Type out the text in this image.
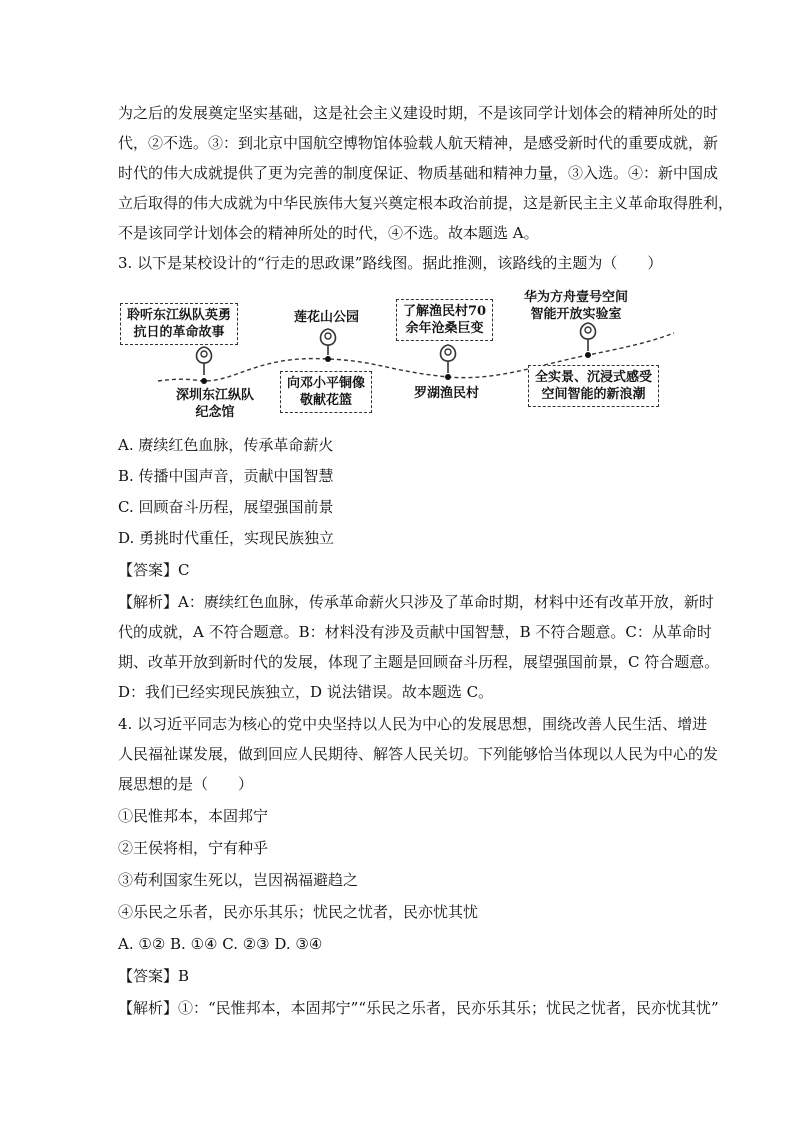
为之后的发展奠定坚实基础，这是社会主义建设时期，不是该同学计划体会的精神所处的时
代，②不选。③：到北京中国航空博物馆体验载人航天精神，是感受新时代的重要成就，新
时代的伟大成就提供了更为完善的制度保证、物质基础和精神力量，③入选。④：新中国成
立后取得的伟大成就为中华民族伟大复兴奠定根本政治前提，这是新民主主义革命取得胜利，
不是该同学计划体会的精神所处的时代，④不选。故本题选 A。
3. 以下是某校设计的“行走的思政课”路线图。据此推测，该路线的主题为（　　）
聆听东江纵队英勇
抗日的革命故事
深圳东江纵队
纪念馆
莲花山公园
向邓小平铜像
敬献花篮
了解渔民村70
余年沧桑巨变
罗湖渔民村
华为方舟壹号空间
智能开放实验室
全实景、沉浸式感受
空间智能的新浪潮
A. 赓续红色血脉，传承革命薪火
B. 传播中国声音，贡献中国智慧
C. 回顾奋斗历程，展望强国前景
D. 勇挑时代重任，实现民族独立
【答案】C
【解析】A：赓续红色血脉，传承革命薪火只涉及了革命时期，材料中还有改革开放，新时
代的成就，A 不符合题意。B：材料没有涉及贡献中国智慧，B 不符合题意。C：从革命时
期、改革开放到新时代的发展，体现了主题是回顾奋斗历程，展望强国前景，C 符合题意。
D：我们已经实现民族独立，D 说法错误。故本题选 C。
4. 以习近平同志为核心的党中央坚持以人民为中心的发展思想，围绕改善人民生活、增进
人民福祉谋发展，做到回应人民期待、解答人民关切。下列能够恰当体现以人民为中心的发
展思想的是（　　）
①民惟邦本，本固邦宁
②王侯将相，宁有种乎
③苟利国家生死以，岂因祸福避趋之
④乐民之乐者，民亦乐其乐；忧民之忧者，民亦忧其忧
A. ①② B. ①④ C. ②③ D. ③④
【答案】B
【解析】①：“民惟邦本，本固邦宁”“乐民之乐者，民亦乐其乐；忧民之忧者，民亦忧其忧”
